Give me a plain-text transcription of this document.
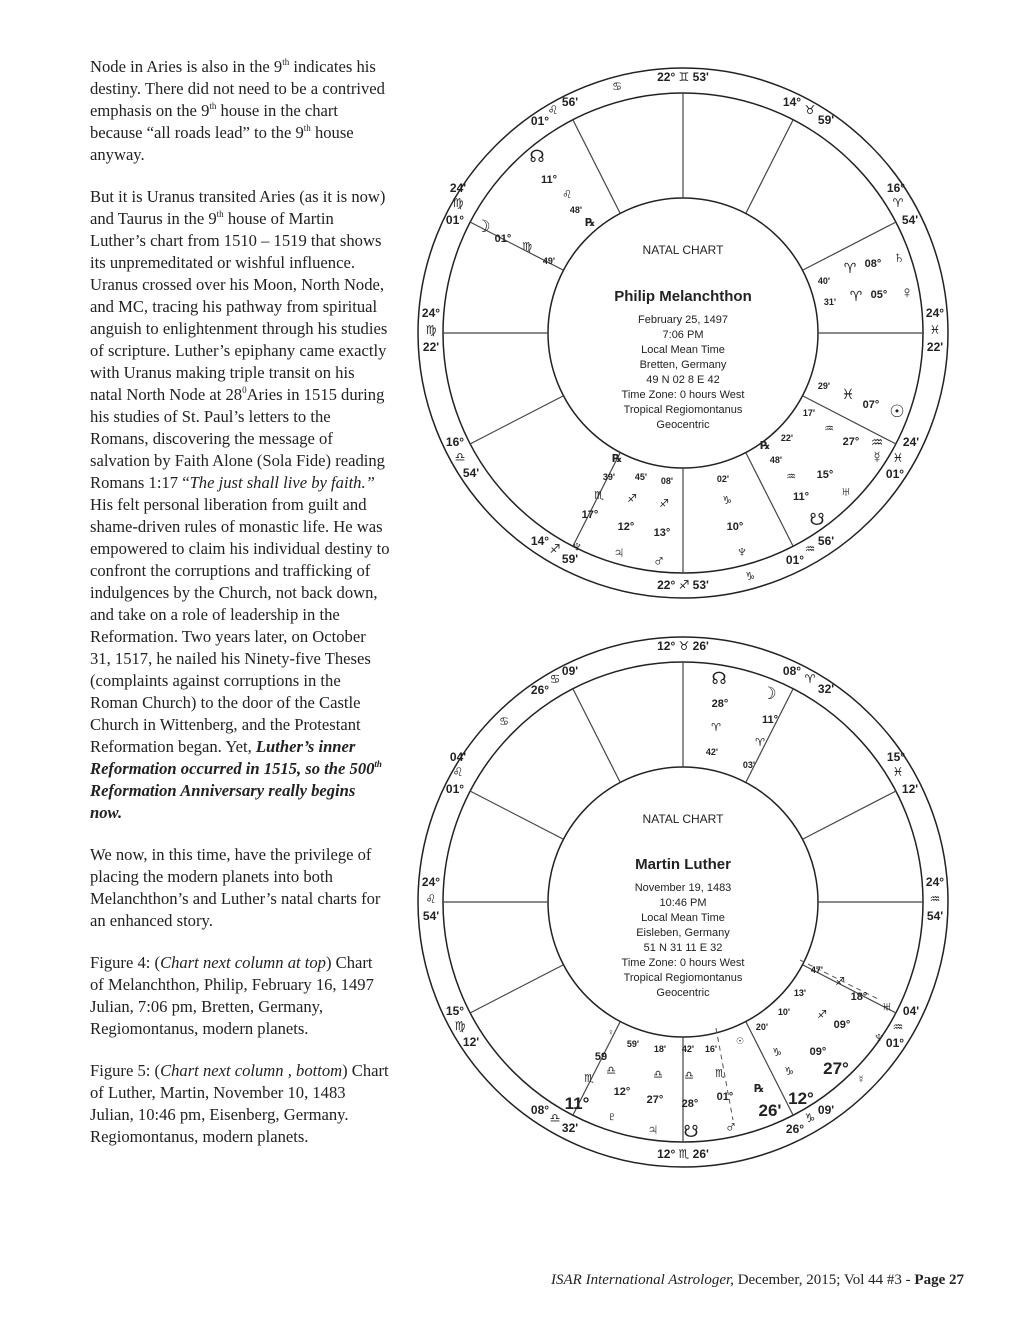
Node in Aries is also in the 9th indicates his destiny. There did not need to be a contrived emphasis on the 9th house in the chart because “all roads lead” to the 9th house anyway.

But it is Uranus transited Aries (as it is now) and Taurus in the 9th house of Martin Luther’s chart from 1510 – 1519 that shows its unpremeditated or wishful influence. Uranus crossed over his Moon, North Node, and MC, tracing his pathway from spiritual anguish to enlightenment through his studies of scripture. Luther’s epiphany came exactly with Uranus making triple transit on his natal North Node at $28^0Aries$ in 1515 during his studies of St. Paul’s letters to the Romans, discovering the message of salvation by Faith Alone (Sola Fide) reading Romans 1:17 “The just shall live by faith.” His felt personal liberation from guilt and shame-driven rules of monastic life. He was empowered to claim his individual destiny to confront the corruptions and trafficking of indulgences by the Church, not back down, and take on a role of leadership in the Reformation. Two years later, on October 31, 1517, he nailed his Ninety-five Theses (complaints against corruptions in the Roman Church) to the door of the Castle Church in Wittenberg, and the Protestant Reformation began. Yet, Luther’s inner Reformation occurred in 1515, so the 500th Reformation Anniversary really begins now.

We now, in this time, have the privilege of placing the modern planets into both Melanchthon’s and Luther’s natal charts for an enhanced story.

Figure 4: (Chart next column at top) Chart of Melanchthon, Philip, February 16, 1497 Julian, 7:06 pm, Bretten, Germany, Regiomontanus, modern planets.

Figure 5: (Chart next column , bottom) Chart of Luther, Martin, November 10, 1483 Julian, 10:46 pm, Eisenberg, Germany. Regiomontanus, modern planets.

NATAL CHART
Philip Melanchthon
February 25, 1497
7:06 PM
Local Mean Time
Bretten, Germany
49 N 02 8 E 42
Time Zone: 0 hours West
Tropical Regiomontanus
Geocentric
22° ♊ 53'
22° ♐ 53'
24°
♍
22'
24°
♓
22'
56'
♌
01°
14°
♉
59'
24'
♍
01°
16°
♈
54'
16°
♎
54'
24'
♓
01°
14°
♐
59'
56'
♒
01°
♋
☊
11°
♌
48'
℞
☽
01°
♍
49'
40'
♈ 08° ♄
31' ♈ 05° ♀
29' ♓
07° ☉
17'
♒
℞
22'	27° ♒
48'
♒ 15°
☿
11° ♅
☋
℞
39' 45' 08'
♏ ♐ ♐
17°
12° 13°
♆ ♃ ♂
02'
♑
10°
♆
♑
NATAL CHART
Martin Luther
November 19, 1483
10:46 PM
Local Mean Time
Eisleben, Germany
51 N 31 11 E 32
Time Zone: 0 hours West
Tropical Regiomontanus
Geocentric
12° ♉ 26'
12° ♏ 26'
24°
♌
54'
24°
♒
54'
09'
♋
26°
08°
♈
32'
04'
♌
01°
15°
♓
12'
15°
♍
12'
04'
♒
01°
08°
♎
32'
09'
♑
26°
♋
☊
28°
♈
42'
☽
11°
♈
03'
47'
♐
18° ♅
13'
10' ♐
09°
♆
20'
♑	09°
♑ 27°
☿
℞ 12°
☉
26'
♀
59' 18' 42' 16'
59
♎	♎ ♎ ♏
♏
12°
27° 28°
01°
11°
♇
♃ ☋ ♂
ISAR International Astrologer, December, 2015; Vol 44 #3 - Page 27
